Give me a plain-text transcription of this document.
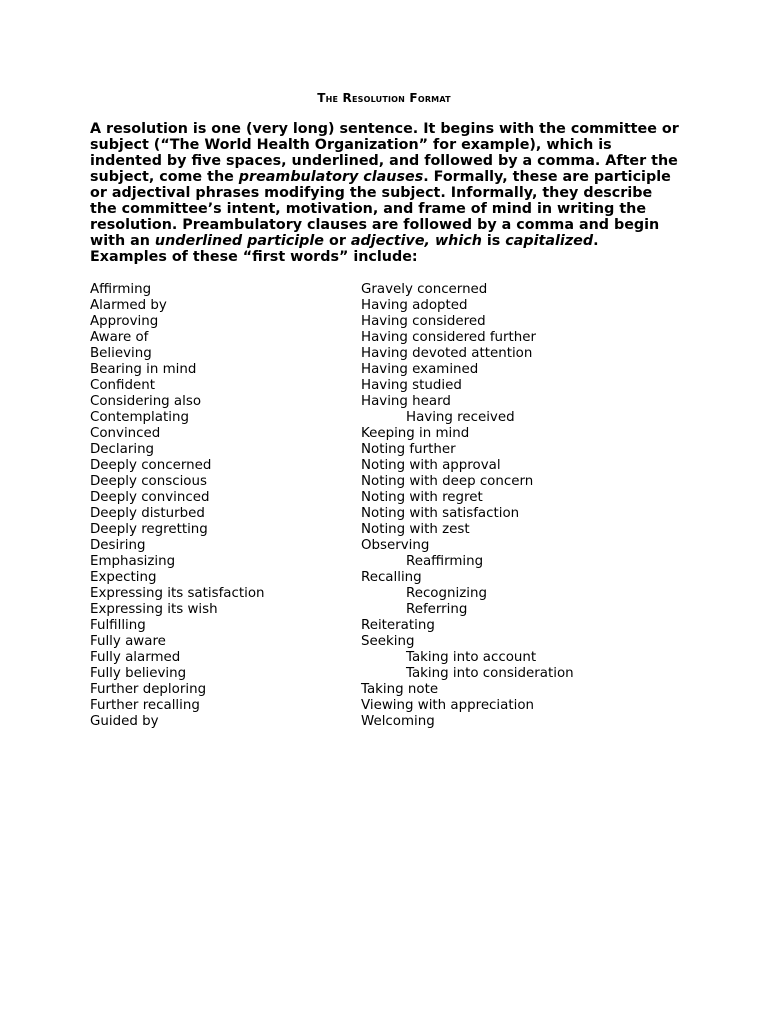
The Resolution Format
A resolution is one (very long) sentence. It begins with the committee or subject (“The World Health Organization” for example), which is indented by five spaces, underlined, and followed by a comma. After the subject, come the preambulatory clauses. Formally, these are participle or adjectival phrases modifying the subject. Informally, they describe the committee’s intent, motivation, and frame of mind in writing the resolution. Preambulatory clauses are followed by a comma and begin with an underlined participle or adjective, which is capitalized. Examples of these “first words” include:
Affirming
Alarmed by
Approving
Aware of
Believing
Bearing in mind
Confident
Considering also
Contemplating
Convinced
Declaring
Deeply concerned
Deeply conscious
Deeply convinced
Deeply disturbed
Deeply regretting
Desiring
Emphasizing
Expecting
Expressing its satisfaction
Expressing its wish
Fulfilling
Fully aware
Fully alarmed
Fully believing
Further deploring
Further recalling
Guided by
Gravely concerned
Having adopted
Having considered
Having considered further
Having devoted attention
Having examined
Having studied
Having heard
Having received
Keeping in mind
Noting further
Noting with approval
Noting with deep concern
Noting with regret
Noting with satisfaction
Noting with zest
Observing
Reaffirming
Recalling
Recognizing
Referring
Reiterating
Seeking
Taking into account
Taking into consideration
Taking note
Viewing with appreciation
Welcoming
